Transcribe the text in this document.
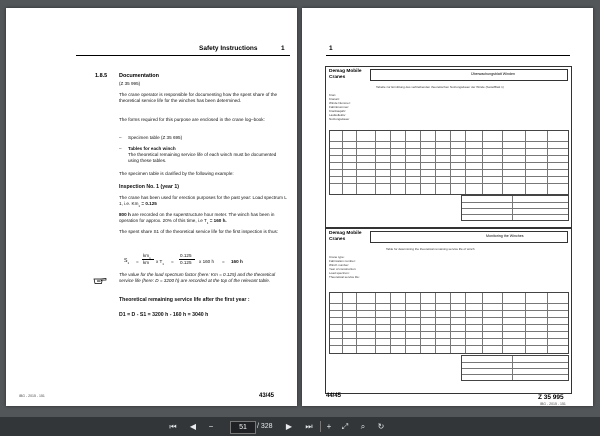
Safety Instructions	1
1.8.5 Documentation
(Z 35 995)
The crane operator is responsible for documenting how the spent share of the theoretical service life for the winches has been determined.
The forms required for this purpose are enclosed in the crane log–book:
– Specimen table (Z 35 695)
– Tables for each winch
The theoretical remaining service life of each winch must be documented using these tables.
The specimen table is clarified by the following example:
Inspection No. 1 (year 1)
The crane has been used for erection purposes for the past year: Load spectrum L 1, i.e. $Km_1 = 0.125$
800 h are recorded on the superstructure hour meter. The winch has been in operation for approx. 20% of this time, i.e $T_1 = 160$ h.
The spent share S1 of the theoretical service life for the first inspection is thus:
$S_1$ =
$km_1$
km x $T_1$ =
0.125
0.125 x 160 h = 160 h
The value for the load spectrum factor (here: Km = 0.125) and the theoretical service life (here: D = 3200 h) are recorded at the top of the relevant table.
Theoretical remaining service life after the first year :
D1 = D - S1 = 3200 h - 160 h = 3040 h
IBG - 2015 - 151	43/45
1
Demag Mobile
Cranes
Überwachungsblatt Winden
Tabelle zur Ermittlung des verbleibenden theoretischen Nutzungsdauer der Winde (Seite/Blatt 1)
Kran:
Kranart:
Winde Nummer:
Fabriknummer:
Kranbaujahr:
Lastkollektiv
Nutzungsdauer
Demag Mobile
Cranes
Monitoring the Winches
Table for determining the theoretical remaining service life of winch
Crane type:
Fabrication number:
Winch number:
Year of construction:
Load spectrum:
Theoretical service life:
Z 35 995
44/45
IBG - 2015 - 151
⏮ ◀	−	51	/ 328 ▶ ⏭	+	⤢	⌕	↻
